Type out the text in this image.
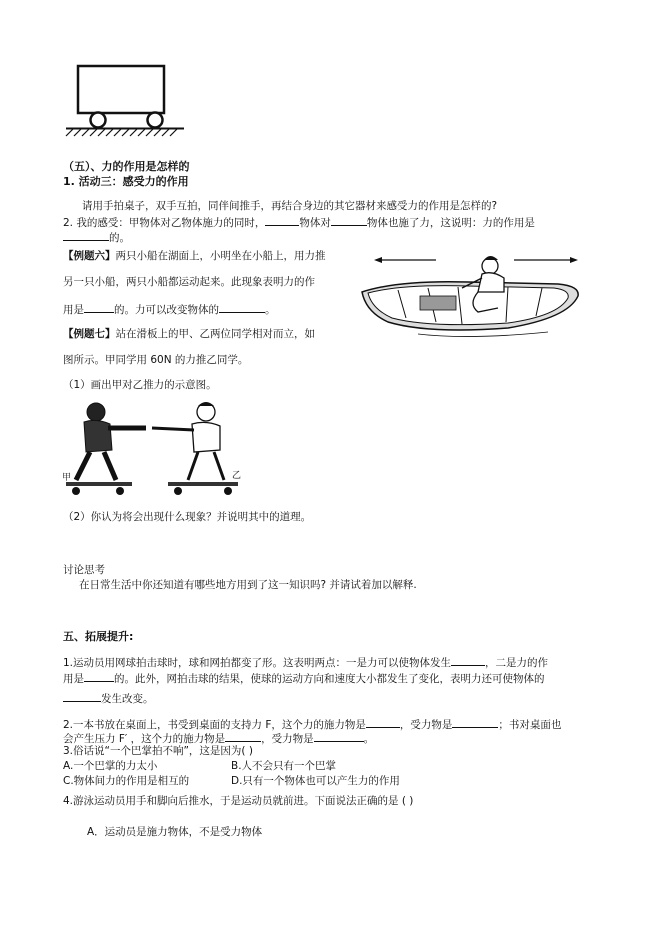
（五）、力的作用是怎样的
1. 活动三：感受力的作用
请用手拍桌子，双手互拍，同伴间推手，再结合身边的其它器材来感受力的作用是怎样的?
2. 我的感受：甲物体对乙物体施力的同时，	物体对	物体也施了力，这说明：力的作用是
的。
【例题六】两只小船在湖面上，小明坐在小船上，用力推
另一只小船，两只小船都运动起来。此现象表明力的作
用是	的。力可以改变物体的	。
【例题七】站在滑板上的甲、乙两位同学相对而立，如
图所示。甲同学用 60N 的力推乙同学。
（1）画出甲对乙推力的示意图。
甲	乙
（2）你认为将会出现什么现象？并说明其中的道理。
讨论思考
在日常生活中你还知道有哪些地方用到了这一知识吗? 并请试着加以解释.
五、拓展提升:
1.运动员用网球拍击球时，球和网拍都变了形。这表明两点：一是力可以使物体发生	，二是力的作
用是	的。此外，网拍击球的结果，使球的运动方向和速度大小都发生了变化，表明力还可使物体的
发生改变。
2.一本书放在桌面上，书受到桌面的支持力 F，这个力的施力物是	，受力物是	；书对桌面也
会产生压力 F′ ，这个力的施力物是	，受力物是	。
3.俗话说“一个巴掌拍不响”，这是因为( )
A.一个巴掌的力太小	B.人不会只有一个巴掌
C.物体间力的作用是相互的	D.只有一个物体也可以产生力的作用
4.游泳运动员用手和脚向后推水，于是运动员就前进。下面说法正确的是 ( )
A．运动员是施力物体，不是受力物体
